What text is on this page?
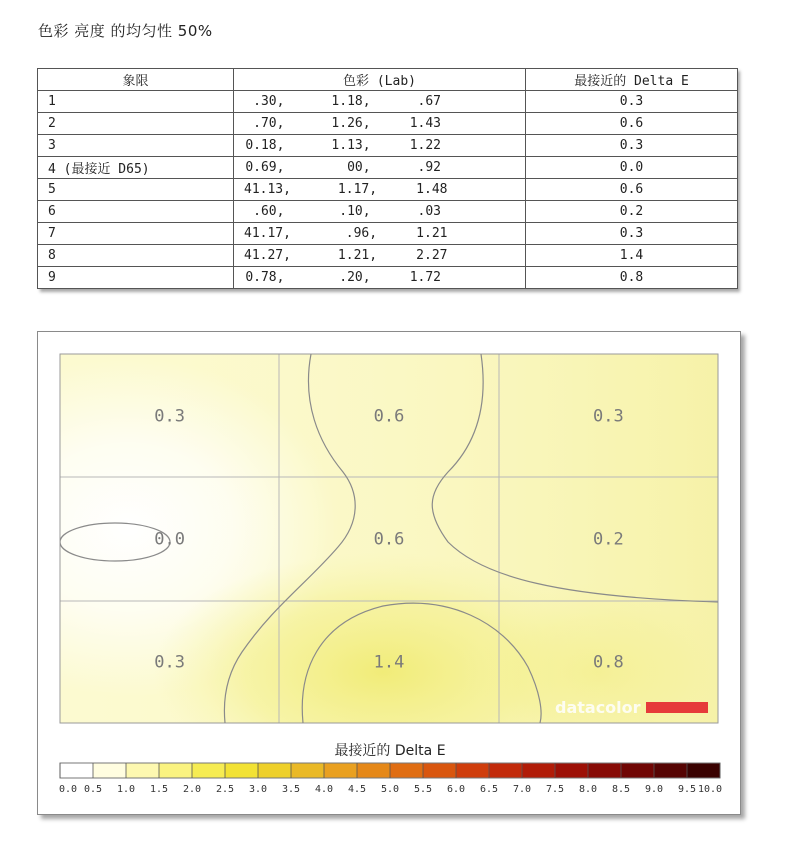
色彩 亮度 的均匀性 50%
象限	色彩 (Lab)	最接近的 Delta E
1	.30,      1.18,      .67	0.3
2	.70,      1.26,     1.43	0.6
3	0.18,      1.13,     1.22	0.3
4 (最接近 D65)	0.69,        00,      .92	0.0
5	41.13,      1.17,     1.48	0.6
6	.60,       .10,      .03	0.2
7	41.17,       .96,     1.21	0.3
8	41.27,      1.21,     2.27	1.4
9	0.78,       .20,     1.72	0.8
0.3	0.6	0.3
0.0	0.6	0.2
0.3	1.4	0.8
datacolor
最接近的 Delta E
0.0 0.5 1.0 1.5 2.0 2.5 3.0 3.5 4.0 4.5 5.0 5.5 6.0 6.5 7.0 7.5 8.0 8.5 9.0 9.5 10.0
